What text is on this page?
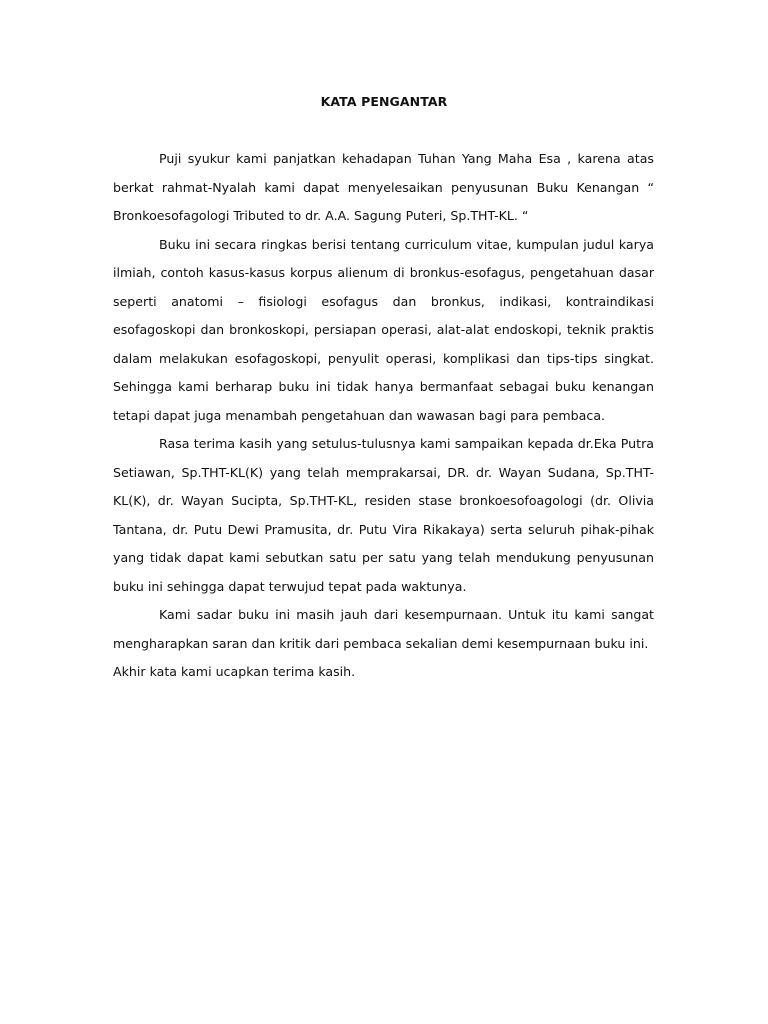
KATA PENGANTAR

Puji syukur kami panjatkan kehadapan Tuhan Yang Maha Esa , karena atas berkat rahmat-Nyalah kami dapat menyelesaikan penyusunan Buku Kenangan “ Bronkoesofagologi Tributed to dr. A.A. Sagung Puteri, Sp.THT-KL. “

Buku ini secara ringkas berisi tentang curriculum vitae, kumpulan judul karya ilmiah, contoh kasus-kasus korpus alienum di bronkus-esofagus, pengetahuan dasar seperti anatomi – fisiologi esofagus dan bronkus, indikasi, kontraindikasi esofagoskopi dan bronkoskopi, persiapan operasi, alat-alat endoskopi, teknik praktis dalam melakukan esofagoskopi, penyulit operasi, komplikasi dan tips-tips singkat. Sehingga kami berharap buku ini tidak hanya bermanfaat sebagai buku kenangan tetapi dapat juga menambah pengetahuan dan wawasan bagi para pembaca.

Rasa terima kasih yang setulus-tulusnya kami sampaikan kepada dr.Eka Putra Setiawan, Sp.THT-KL(K) yang telah memprakarsai, DR. dr. Wayan Sudana, Sp.THT-KL(K), dr. Wayan Sucipta, Sp.THT-KL, residen stase bronkoesofoagologi (dr. Olivia Tantana, dr. Putu Dewi Pramusita, dr. Putu Vira Rikakaya) serta seluruh pihak-pihak yang tidak dapat kami sebutkan satu per satu yang telah mendukung penyusunan buku ini sehingga dapat terwujud tepat pada waktunya.

Kami sadar buku ini masih jauh dari kesempurnaan. Untuk itu kami sangat mengharapkan saran dan kritik dari pembaca sekalian demi kesempurnaan buku ini.

Akhir kata kami ucapkan terima kasih.
